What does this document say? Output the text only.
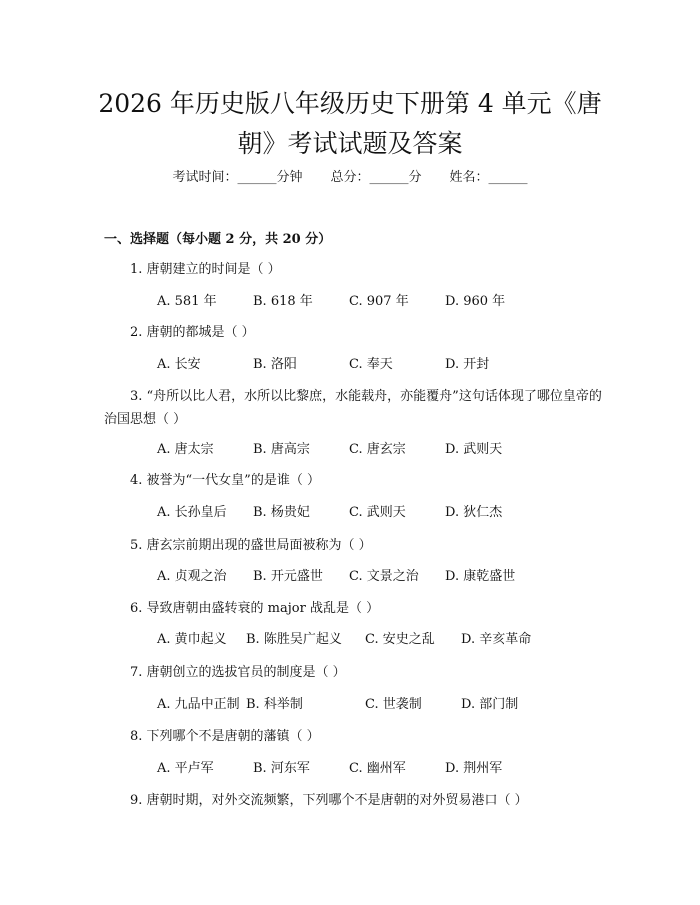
2026 年历史版八年级历史下册第 4 单元《唐朝》考试试题及答案
考试时间：______分钟 总分：______分 姓名：______
一、选择题（每小题 2 分，共 20 分）
1. 唐朝建立的时间是（ ）
A. 581 年	B. 618 年	C. 907 年	D. 960 年
2. 唐朝的都城是（ ）
A. 长安	B. 洛阳	C. 奉天	D. 开封
3. “舟所以比人君，水所以比黎庶，水能载舟，亦能覆舟”这句话体现了哪位皇帝的治国思想（ ）
A. 唐太宗	B. 唐高宗	C. 唐玄宗	D. 武则天
4. 被誉为“一代女皇”的是谁（ ）
A. 长孙皇后	B. 杨贵妃	C. 武则天	D. 狄仁杰
5. 唐玄宗前期出现的盛世局面被称为（ ）
A. 贞观之治	B. 开元盛世	C. 文景之治	D. 康乾盛世
6. 导致唐朝由盛转衰的 major 战乱是（ ）
A. 黄巾起义	B. 陈胜吴广起义	C. 安史之乱	D. 辛亥革命
7. 唐朝创立的选拔官员的制度是（ ）
A. 九品中正制 B. 科举制	C. 世袭制	D. 部门制
8. 下列哪个不是唐朝的藩镇（ ）
A. 平卢军	B. 河东军	C. 幽州军	D. 荆州军
9. 唐朝时期，对外交流频繁，下列哪个不是唐朝的对外贸易港口（ ）
